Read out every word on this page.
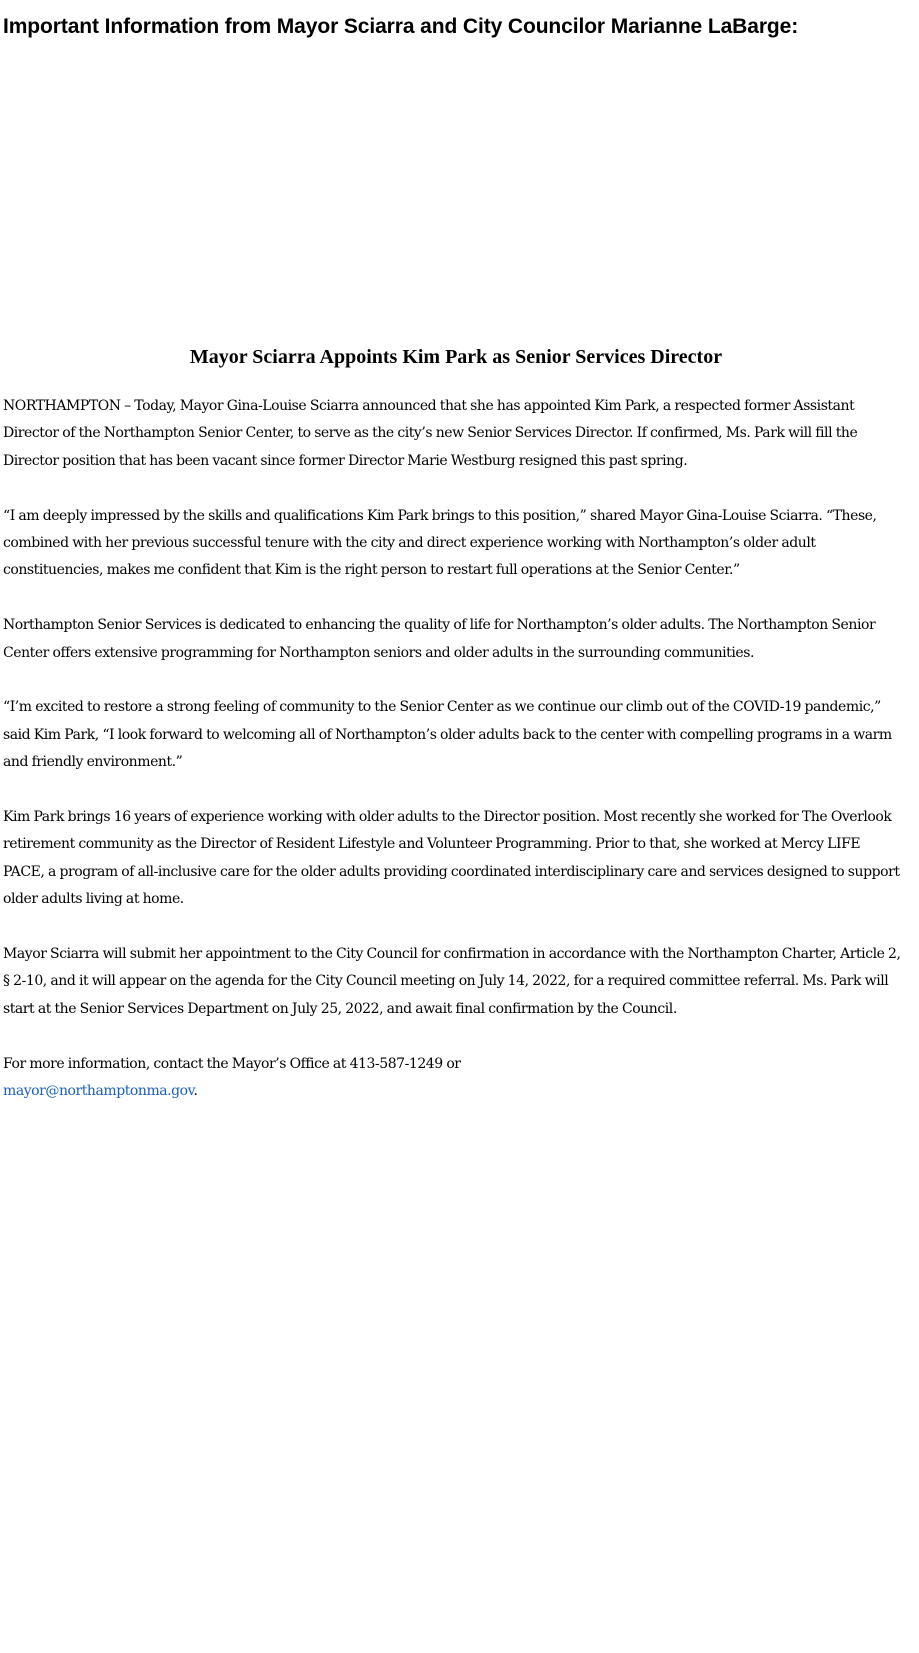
Important Information from Mayor Sciarra and City Councilor Marianne LaBarge:
Mayor Sciarra Appoints Kim Park as Senior Services Director

NORTHAMPTON – Today, Mayor Gina-Louise Sciarra announced that she has appointed Kim Park, a respected former Assistant Director of the Northampton Senior Center, to serve as the city’s new Senior Services Director. If confirmed, Ms. Park will fill the Director position that has been vacant since former Director Marie Westburg resigned this past spring.

“I am deeply impressed by the skills and qualifications Kim Park brings to this position,” shared Mayor Gina-Louise Sciarra. “These, combined with her previous successful tenure with the city and direct experience working with Northampton’s older adult constituencies, makes me confident that Kim is the right person to restart full operations at the Senior Center.”

Northampton Senior Services is dedicated to enhancing the quality of life for Northampton’s older adults. The Northampton Senior Center offers extensive programming for Northampton seniors and older adults in the surrounding communities.

“I’m excited to restore a strong feeling of community to the Senior Center as we continue our climb out of the COVID-19 pandemic,” said Kim Park, “I look forward to welcoming all of Northampton’s older adults back to the center with compelling programs in a warm and friendly environment.”

Kim Park brings 16 years of experience working with older adults to the Director position. Most recently she worked for The Overlook retirement community as the Director of Resident Lifestyle and Volunteer Programming. Prior to that, she worked at Mercy LIFE PACE, a program of all-inclusive care for the older adults providing coordinated interdisciplinary care and services designed to support older adults living at home.

Mayor Sciarra will submit her appointment to the City Council for confirmation in accordance with the Northampton Charter, Article 2, § 2-10, and it will appear on the agenda for the City Council meeting on July 14, 2022, for a required committee referral. Ms. Park will start at the Senior Services Department on July 25, 2022, and await final confirmation by the Council.

For more information, contact the Mayor’s Office at 413-587-1249 or
mayor@northamptonma.gov.
